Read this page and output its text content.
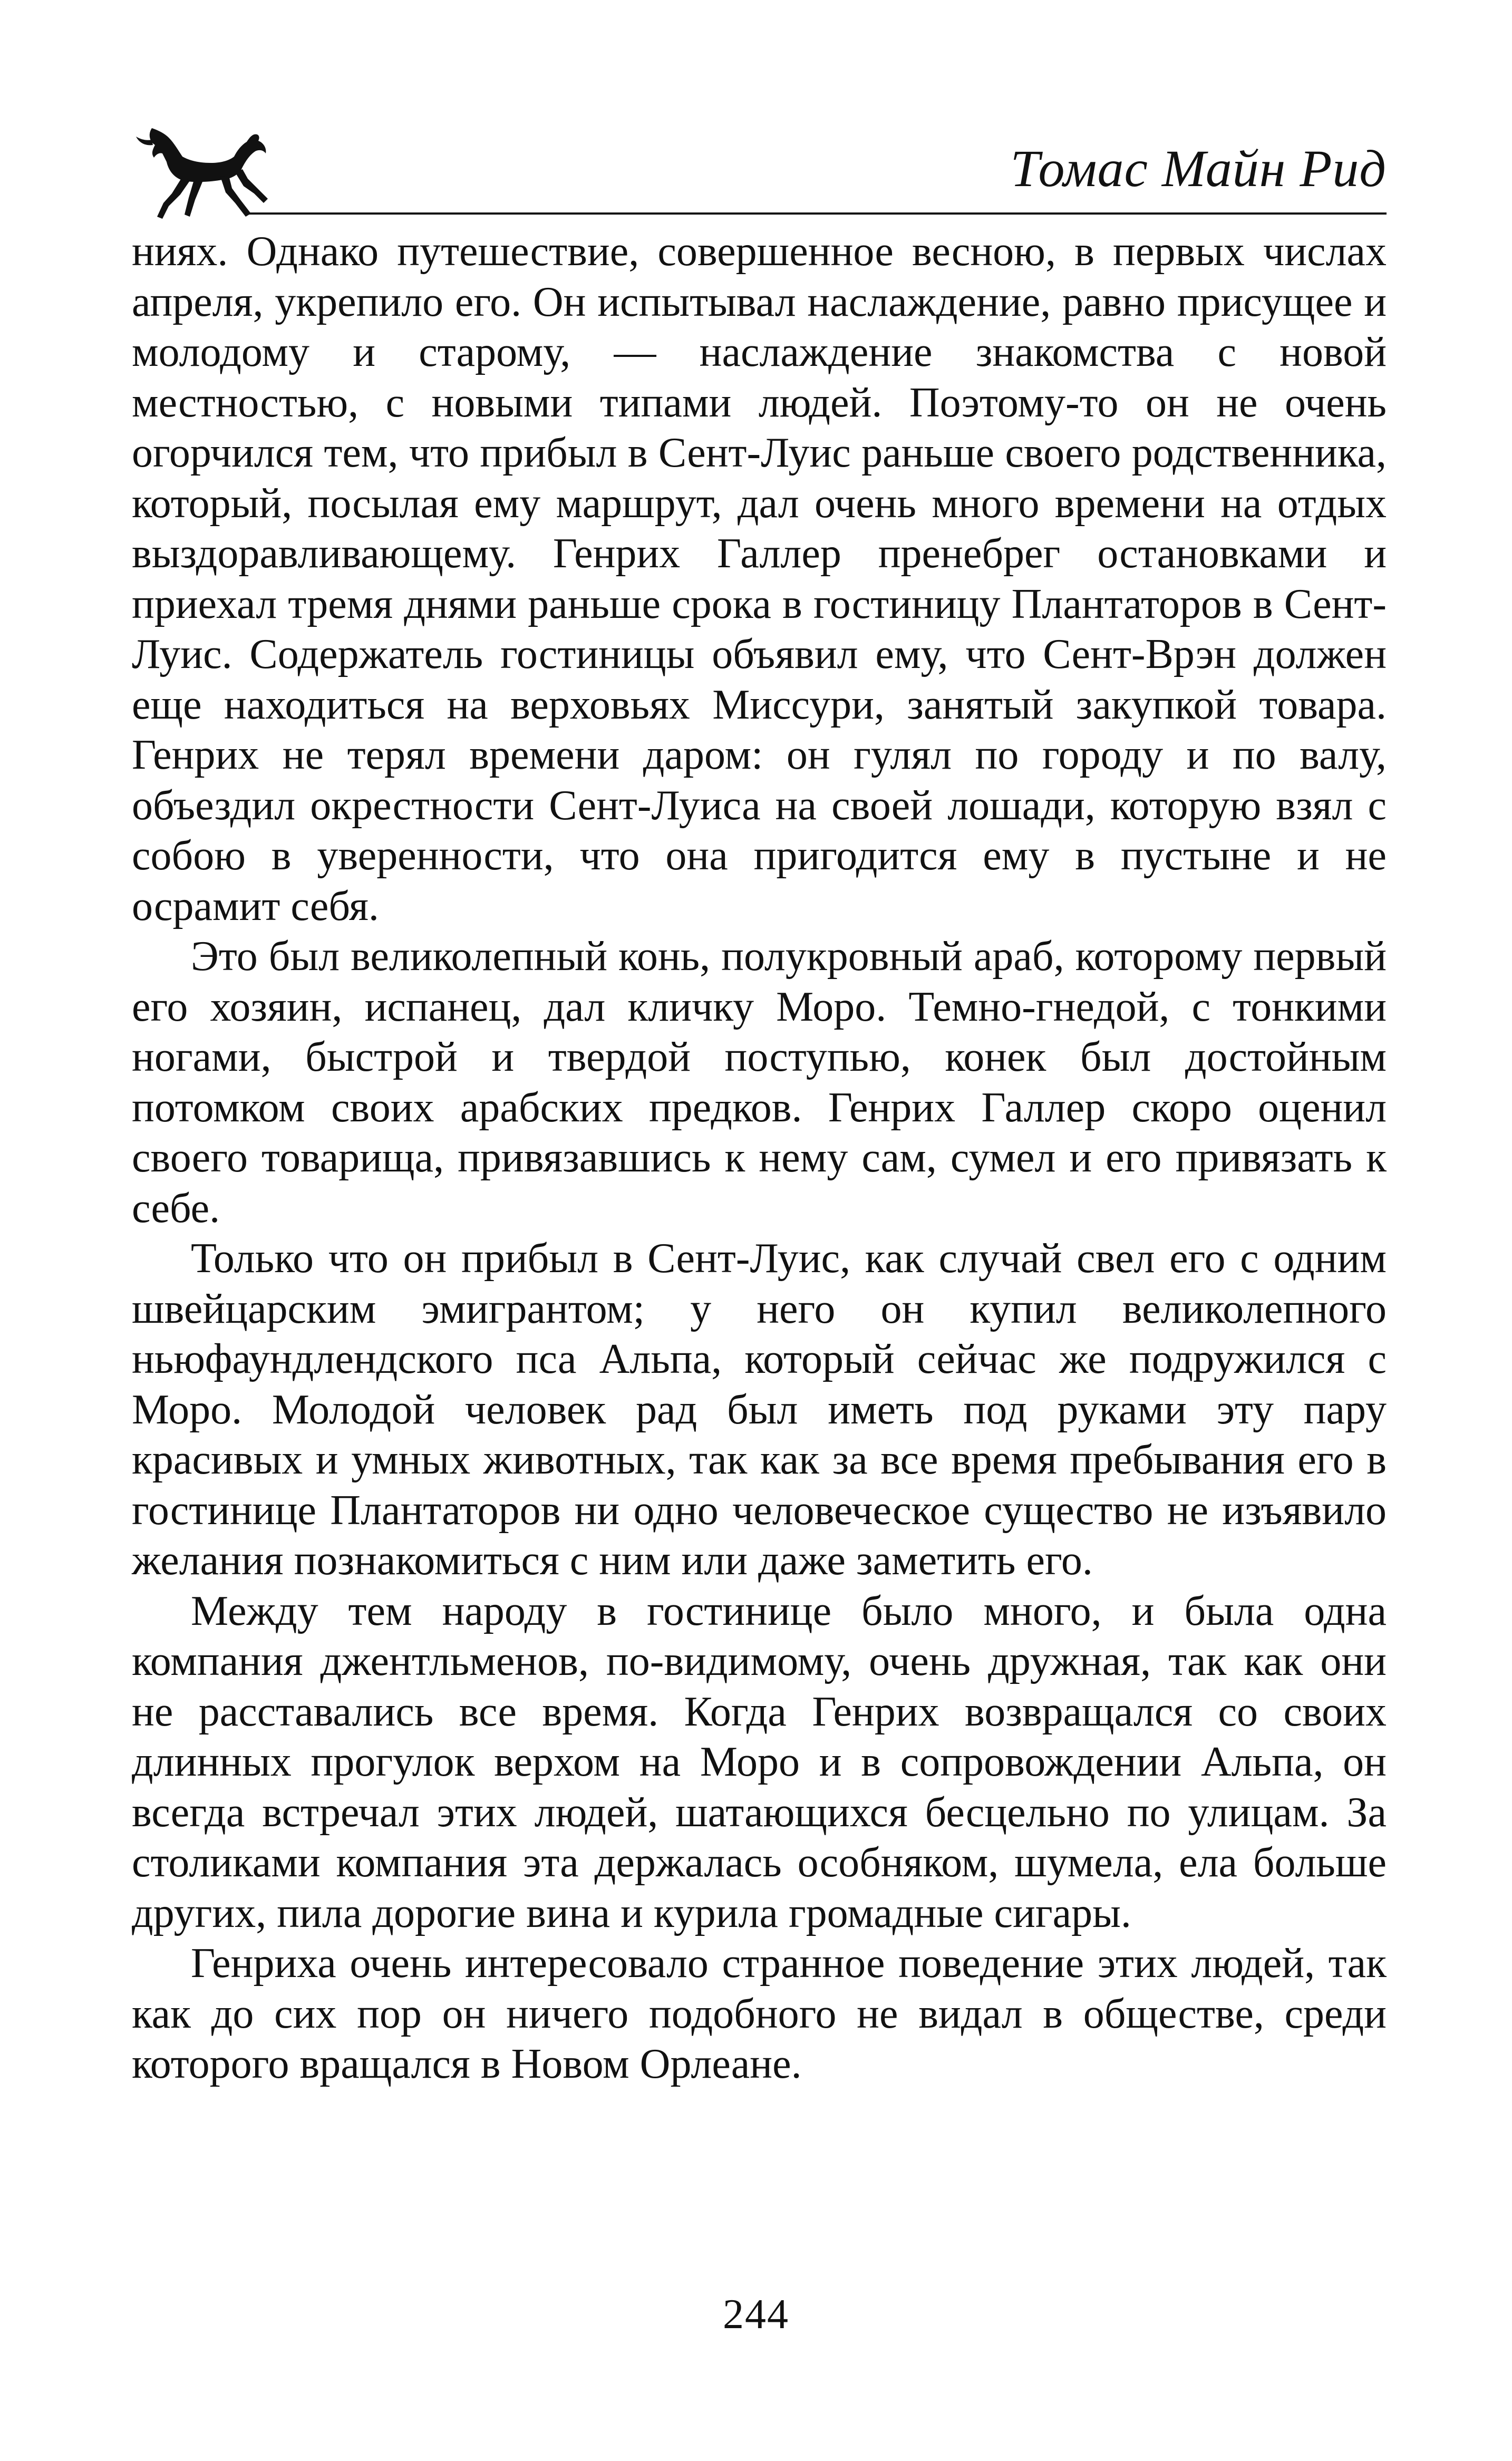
Томас Майн Рид

ниях. Однако путешествие, совершенное весною, в первых числах апреля, укрепило его. Он испытывал наслаждение, равно присущее и молодому и старому, — наслаждение знакомства с новой местностью, с новыми типами людей. Поэтому-то он не очень огорчился тем, что прибыл в Сент-Луис раньше своего родственника, который, посылая ему маршрут, дал очень много времени на отдых выздоравливающему. Генрих Галлер пренебрег остановками и приехал тремя днями раньше срока в гостиницу Плантаторов в Сент-Луис. Содержатель гостиницы объявил ему, что Сент-Врэн должен еще находиться на верховьях Миссури, занятый закупкой товара. Генрих не терял времени даром: он гулял по городу и по валу, объездил окрестности Сент-Луиса на своей лошади, которую взял с собою в уверенности, что она пригодится ему в пустыне и не осрамит себя.

Это был великолепный конь, полукровный араб, которому первый его хозяин, испанец, дал кличку Моро. Темно-гнедой, с тонкими ногами, быстрой и твердой поступью, конек был достойным потомком своих арабских предков. Генрих Галлер скоро оценил своего товарища, привязавшись к нему сам, сумел и его привязать к себе.

Только что он прибыл в Сент-Луис, как случай свел его с одним швейцарским эмигрантом; у него он купил великолепного ньюфаундлендского пса Альпа, который сейчас же подружился с Моро. Молодой человек рад был иметь под руками эту пару красивых и умных животных, так как за все время пребывания его в гостинице Плантаторов ни одно человеческое существо не изъявило желания познакомиться с ним или даже заметить его.

Между тем народу в гостинице было много, и была одна компания джентльменов, по-видимому, очень дружная, так как они не расставались все время. Когда Генрих возвращался со своих длинных прогулок верхом на Моро и в сопровождении Альпа, он всегда встречал этих людей, шатающихся бесцельно по улицам. За столиками компания эта держалась особняком, шумела, ела больше других, пила дорогие вина и курила громадные сигары.

Генриха очень интересовало странное поведение этих людей, так как до сих пор он ничего подобного не видал в обществе, среди которого вращался в Новом Орлеане.

244
